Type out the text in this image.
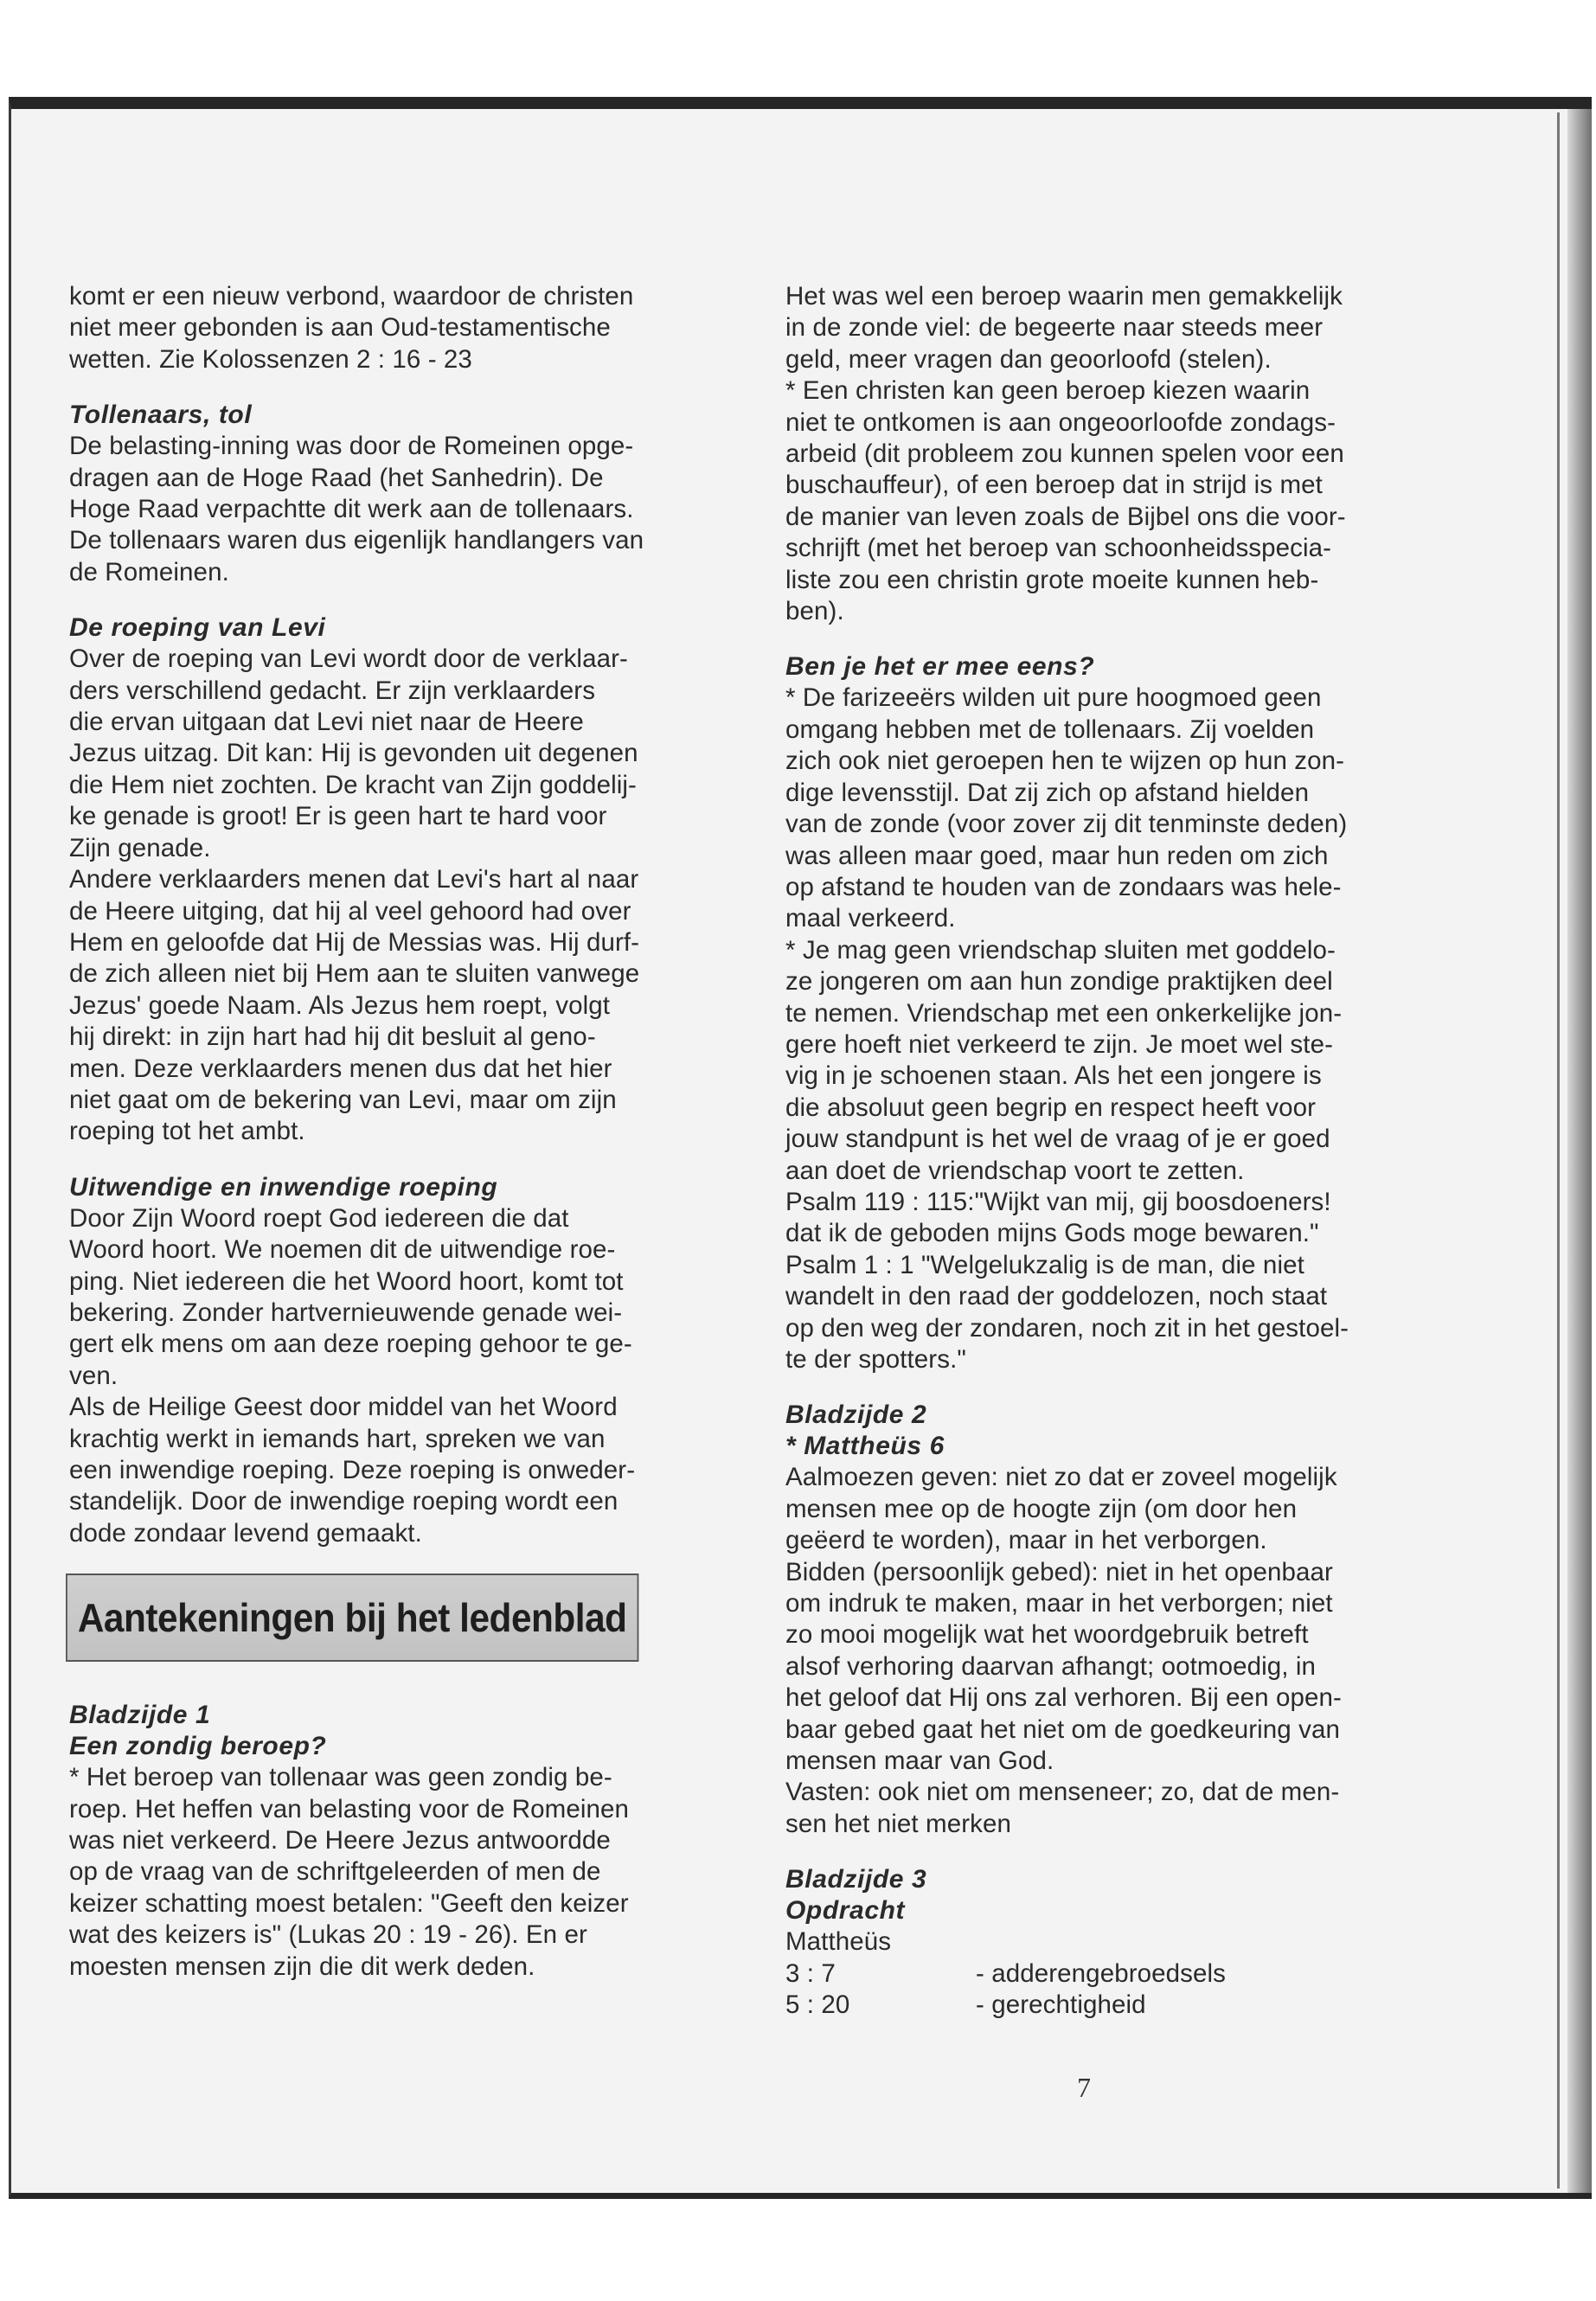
komt er een nieuw verbond, waardoor de christen
niet meer gebonden is aan Oud-testamentische
wetten. Zie Kolossenzen 2 : 16 - 23

Tollenaars, tol

De belasting-inning was door de Romeinen opge-
dragen aan de Hoge Raad (het Sanhedrin). De
Hoge Raad verpachtte dit werk aan de tollenaars.
De tollenaars waren dus eigenlijk handlangers van
de Romeinen.

De roeping van Levi

Over de roeping van Levi wordt door de verklaar-
ders verschillend gedacht. Er zijn verklaarders
die ervan uitgaan dat Levi niet naar de Heere
Jezus uitzag. Dit kan: Hij is gevonden uit degenen
die Hem niet zochten. De kracht van Zijn goddelij-
ke genade is groot! Er is geen hart te hard voor
Zijn genade.

Andere verklaarders menen dat Levi's hart al naar
de Heere uitging, dat hij al veel gehoord had over
Hem en geloofde dat Hij de Messias was. Hij durf-
de zich alleen niet bij Hem aan te sluiten vanwege
Jezus' goede Naam. Als Jezus hem roept, volgt
hij direkt: in zijn hart had hij dit besluit al geno-
men. Deze verklaarders menen dus dat het hier
niet gaat om de bekering van Levi, maar om zijn
roeping tot het ambt.

Uitwendige en inwendige roeping

Door Zijn Woord roept God iedereen die dat
Woord hoort. We noemen dit de uitwendige roe-
ping. Niet iedereen die het Woord hoort, komt tot
bekering. Zonder hartvernieuwende genade wei-
gert elk mens om aan deze roeping gehoor te ge-
ven.

Als de Heilige Geest door middel van het Woord
krachtig werkt in iemands hart, spreken we van
een inwendige roeping. Deze roeping is onweder-
standelijk. Door de inwendige roeping wordt een
dode zondaar levend gemaakt.

Aantekeningen bij het ledenblad

Bladzijde 1
Een zondig beroep?

* Het beroep van tollenaar was geen zondig be-
roep. Het heffen van belasting voor de Romeinen
was niet verkeerd. De Heere Jezus antwoordde
op de vraag van de schriftgeleerden of men de
keizer schatting moest betalen: "Geeft den keizer
wat des keizers is" (Lukas 20 : 19 - 26). En er
moesten mensen zijn die dit werk deden.

Het was wel een beroep waarin men gemakkelijk
in de zonde viel: de begeerte naar steeds meer
geld, meer vragen dan geoorloofd (stelen).

* Een christen kan geen beroep kiezen waarin
niet te ontkomen is aan ongeoorloofde zondags-
arbeid (dit probleem zou kunnen spelen voor een
buschauffeur), of een beroep dat in strijd is met
de manier van leven zoals de Bijbel ons die voor-
schrijft (met het beroep van schoonheidsspecia-
liste zou een christin grote moeite kunnen heb-
ben).

Ben je het er mee eens?

* De farizeeërs wilden uit pure hoogmoed geen
omgang hebben met de tollenaars. Zij voelden
zich ook niet geroepen hen te wijzen op hun zon-
dige levensstijl. Dat zij zich op afstand hielden
van de zonde (voor zover zij dit tenminste deden)
was alleen maar goed, maar hun reden om zich
op afstand te houden van de zondaars was hele-
maal verkeerd.

* Je mag geen vriendschap sluiten met goddelo-
ze jongeren om aan hun zondige praktijken deel
te nemen. Vriendschap met een onkerkelijke jon-
gere hoeft niet verkeerd te zijn. Je moet wel ste-
vig in je schoenen staan. Als het een jongere is
die absoluut geen begrip en respect heeft voor
jouw standpunt is het wel de vraag of je er goed
aan doet de vriendschap voort te zetten.

Psalm 119 : 115:"Wijkt van mij, gij boosdoeners!
dat ik de geboden mijns Gods moge bewaren."

Psalm 1 : 1 "Welgelukzalig is de man, die niet
wandelt in den raad der goddelozen, noch staat
op den weg der zondaren, noch zit in het gestoel-
te der spotters."

Bladzijde 2
* Mattheüs 6

Aalmoezen geven: niet zo dat er zoveel mogelijk
mensen mee op de hoogte zijn (om door hen
geëerd te worden), maar in het verborgen.

Bidden (persoonlijk gebed): niet in het openbaar
om indruk te maken, maar in het verborgen; niet
zo mooi mogelijk wat het woordgebruik betreft
alsof verhoring daarvan afhangt; ootmoedig, in
het geloof dat Hij ons zal verhoren. Bij een open-
baar gebed gaat het niet om de goedkeuring van
mensen maar van God.

Vasten: ook niet om menseneer; zo, dat de men-
sen het niet merken

Bladzijde 3
Opdracht

Mattheüs

3 : 7	- adderengebroedsels
5 : 20	- gerechtigheid
7
